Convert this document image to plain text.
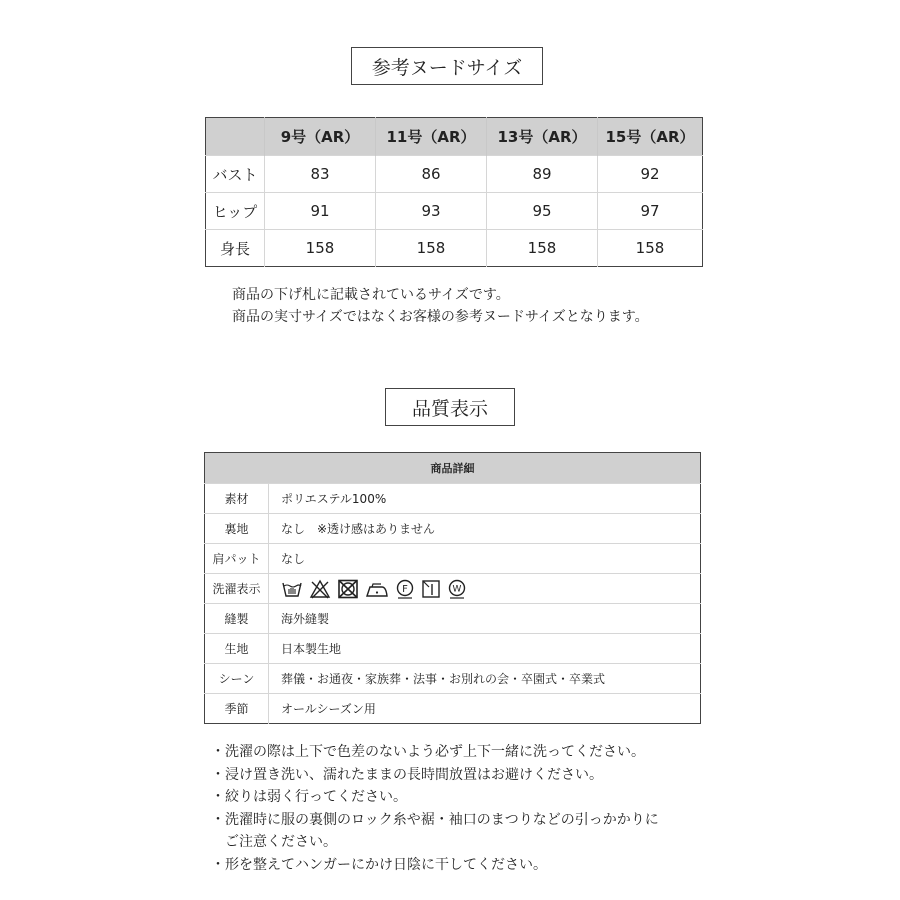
参考ヌードサイズ
	9号（AR）	11号（AR）	13号（AR）	15号（AR）
バスト	83	86	89	92
ヒップ	91	93	95	97
身長	158	158	158	158
商品の下げ札に記載されているサイズです。
商品の実寸サイズではなくお客様の参考ヌードサイズとなります。
品質表示
商品詳細	
素材	ポリエステル100%
裏地	なし　※透け感はありません
肩パット	なし
洗濯表示	F W

縫製	海外縫製
生地	日本製生地
シーン	葬儀・お通夜・家族葬・法事・お別れの会・卒園式・卒業式
季節	オールシーズン用
・洗濯の際は上下で色差のないよう必ず上下一緒に洗ってください。
・浸け置き洗い、濡れたままの長時間放置はお避けください。
・絞りは弱く行ってください。
・洗濯時に服の裏側のロック糸や裾・袖口のまつりなどの引っかかりに
　ご注意ください。
・形を整えてハンガーにかけ日陰に干してください。
